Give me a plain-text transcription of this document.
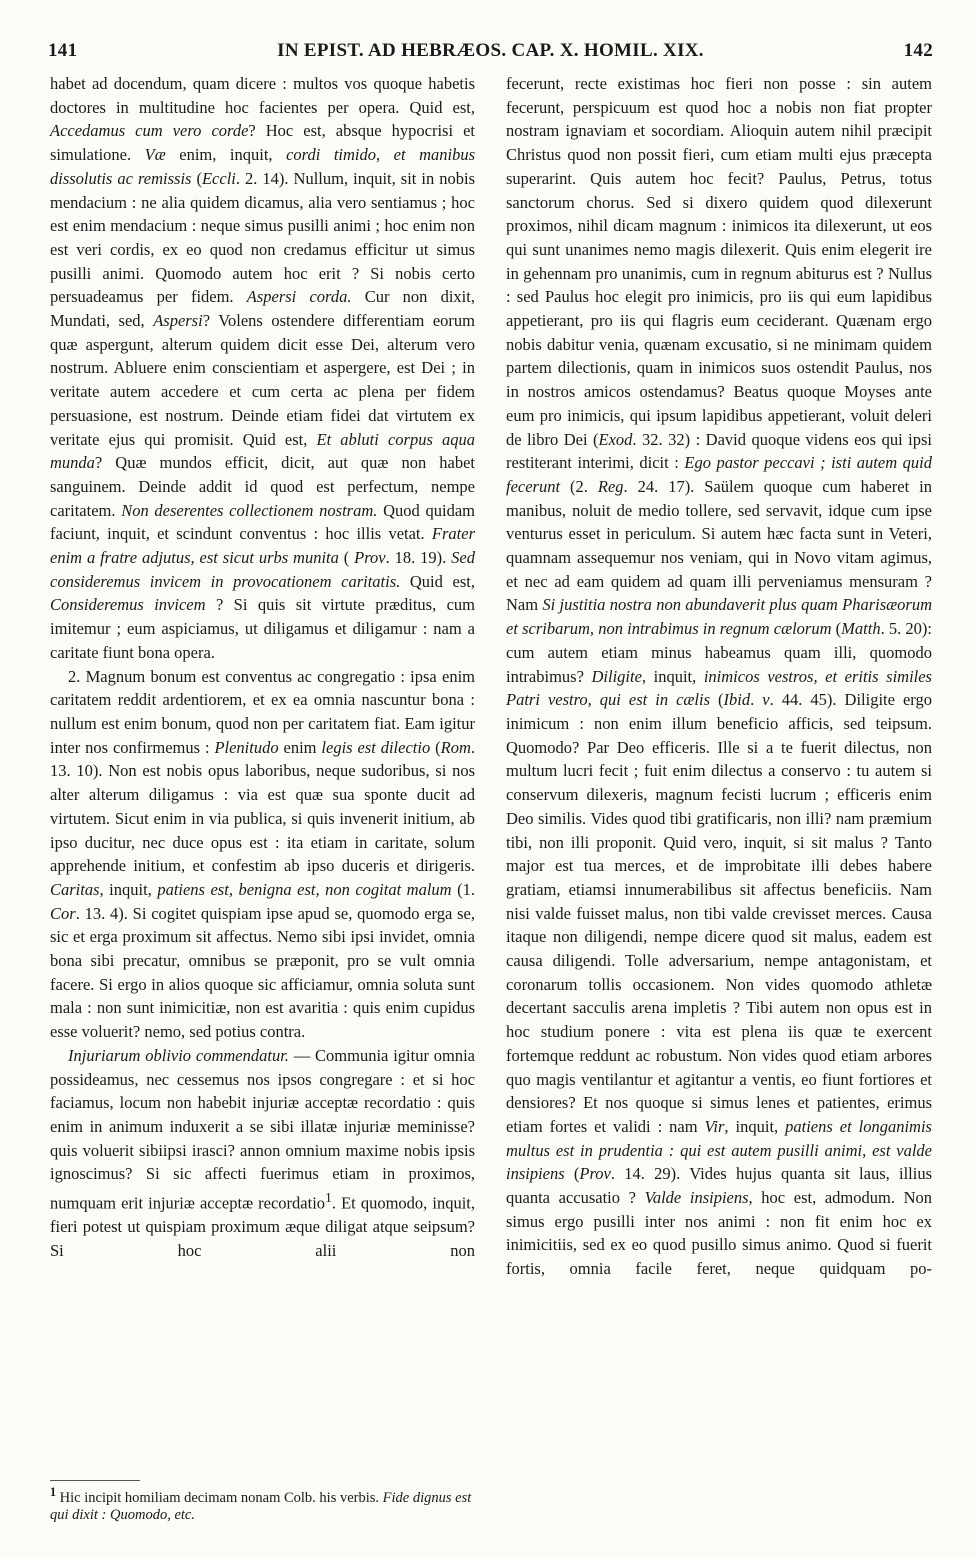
141	IN EPIST. AD HEBRÆOS. CAP. X. HOMIL. XIX.	142

habet ad docendum, quam dicere : multos vos quoque habetis doctores in multitudine hoc facientes per opera. Quid est, Accedamus cum vero corde? Hoc est, absque hypocrisi et simulatione. Væ enim, inquit, cordi timido, et manibus dissolutis ac remissis (Eccli. 2. 14). Nullum, inquit, sit in nobis mendacium : ne alia quidem dicamus, alia vero sentiamus ; hoc est enim mendacium : neque simus pusilli animi ; hoc enim non est veri cordis, ex eo quod non credamus efficitur ut simus pusilli animi. Quomodo autem hoc erit ? Si nobis certo persuadeamus per fidem. Aspersi corda. Cur non dixit, Mundati, sed, Aspersi? Volens ostendere differentiam eorum quæ aspergunt, alterum quidem dicit esse Dei, alterum vero nostrum. Abluere enim conscientiam et aspergere, est Dei ; in veritate autem accedere et cum certa ac plena per fidem persuasione, est nostrum. Deinde etiam fidei dat virtutem ex veritate ejus qui promisit. Quid est, Et abluti corpus aqua munda? Quæ mundos efficit, dicit, aut quæ non habet sanguinem. Deinde addit id quod est perfectum, nempe caritatem. Non deserentes collectionem nostram. Quod quidam faciunt, inquit, et scindunt conventus : hoc illis vetat. Frater enim a fratre adjutus, est sicut urbs munita ( Prov. 18. 19). Sed consideremus invicem in provocationem caritatis. Quid est, Consideremus invicem ? Si quis sit virtute præditus, cum imitemur ; eum aspiciamus, ut diligamus et diligamur : nam a caritate fiunt bona opera.

2. Magnum bonum est conventus ac congregatio : ipsa enim caritatem reddit ardentiorem, et ex ea omnia nascuntur bona : nullum est enim bonum, quod non per caritatem fiat. Eam igitur inter nos confirmemus : Plenitudo enim legis est dilectio (Rom. 13. 10). Non est nobis opus laboribus, neque sudoribus, si nos alter alterum diligamus : via est quæ sua sponte ducit ad virtutem. Sicut enim in via publica, si quis invenerit initium, ab ipso ducitur, nec duce opus est : ita etiam in caritate, solum apprehende initium, et confestim ab ipso duceris et dirigeris. Caritas, inquit, patiens est, benigna est, non cogitat malum (1. Cor. 13. 4). Si cogitet quispiam ipse apud se, quomodo erga se, sic et erga proximum sit affectus. Nemo sibi ipsi invidet, omnia bona sibi precatur, omnibus se præponit, pro se vult omnia facere. Si ergo in alios quoque sic afficiamur, omnia soluta sunt mala : non sunt inimicitiæ, non est avaritia : quis enim cupidus esse voluerit? nemo, sed potius contra.

Injuriarum oblivio commendatur. — Communia igitur omnia possideamus, nec cessemus nos ipsos congregare : et si hoc faciamus, locum non habebit injuriæ acceptæ recordatio : quis enim in animum induxerit a se sibi illatæ injuriæ meminisse? quis voluerit sibiipsi irasci? annon omnium maxime nobis ipsis ignoscimus? Si sic affecti fuerimus etiam in proximos, numquam erit injuriæ acceptæ recordatio$^1$. Et quomodo, inquit, fieri potest ut quispiam proximum æque diligat atque seipsum? Si hoc alii non

fecerunt, recte existimas hoc fieri non posse : sin autem fecerunt, perspicuum est quod hoc a nobis non fiat propter nostram ignaviam et socordiam. Alioquin autem nihil præcipit Christus quod non possit fieri, cum etiam multi ejus præcepta superarint. Quis autem hoc fecit? Paulus, Petrus, totus sanctorum chorus. Sed si dixero quidem quod dilexerunt proximos, nihil dicam magnum : inimicos ita dilexerunt, ut eos qui sunt unanimes nemo magis dilexerit. Quis enim elegerit ire in gehennam pro unanimis, cum in regnum abiturus est ? Nullus : sed Paulus hoc elegit pro inimicis, pro iis qui eum lapidibus appetierant, pro iis qui flagris eum ceciderant. Quænam ergo nobis dabitur venia, quænam excusatio, si ne minimam quidem partem dilectionis, quam in inimicos suos ostendit Paulus, nos in nostros amicos ostendamus? Beatus quoque Moyses ante eum pro inimicis, qui ipsum lapidibus appetierant, voluit deleri de libro Dei (Exod. 32. 32) : David quoque videns eos qui ipsi restiterant interimi, dicit : Ego pastor peccavi ; isti autem quid fecerunt (2. Reg. 24. 17). Saülem quoque cum haberet in manibus, noluit de medio tollere, sed servavit, idque cum ipse venturus esset in periculum. Si autem hæc facta sunt in Veteri, quamnam assequemur nos veniam, qui in Novo vitam agimus, et nec ad eam quidem ad quam illi perveniamus mensuram ? Nam Si justitia nostra non abundaverit plus quam Pharisæorum et scribarum, non intrabimus in regnum cælorum (Matth. 5. 20): cum autem etiam minus habeamus quam illi, quomodo intrabimus? Diligite, inquit, inimicos vestros, et eritis similes Patri vestro, qui est in cælis (Ibid. v. 44. 45). Diligite ergo inimicum : non enim illum beneficio afficis, sed teipsum. Quomodo? Par Deo efficeris. Ille si a te fuerit dilectus, non multum lucri fecit ; fuit enim dilectus a conservo : tu autem si conservum dilexeris, magnum fecisti lucrum ; efficeris enim Deo similis. Vides quod tibi gratificaris, non illi? nam præmium tibi, non illi proponit. Quid vero, inquit, si sit malus ? Tanto major est tua merces, et de improbitate illi debes habere gratiam, etiamsi innumerabilibus sit affectus beneficiis. Nam nisi valde fuisset malus, non tibi valde crevisset merces. Causa itaque non diligendi, nempe dicere quod sit malus, eadem est causa diligendi. Tolle adversarium, nempe antagonistam, et coronarum tollis occasionem. Non vides quomodo athletæ decertant sacculis arena impletis ? Tibi autem non opus est in hoc studium ponere : vita est plena iis quæ te exercent fortemque reddunt ac robustum. Non vides quod etiam arbores quo magis ventilantur et agitantur a ventis, eo fiunt fortiores et densiores? Et nos quoque si simus lenes et patientes, erimus etiam fortes et validi : nam Vir, inquit, patiens et longanimis multus est in prudentia : qui est autem pusilli animi, est valde insipiens (Prov. 14. 29). Vides hujus quanta sit laus, illius quanta accusatio ? Valde insipiens, hoc est, admodum. Non simus ergo pusilli inter nos animi : non fit enim hoc ex inimicitiis, sed ex eo quod pusillo simus animo. Quod si fuerit fortis, omnia facile feret, neque quidquam po-

$^1$ Hic incipit homiliam decimam nonam Colb. his verbis. Fide dignus est qui dixit : Quomodo, etc.
